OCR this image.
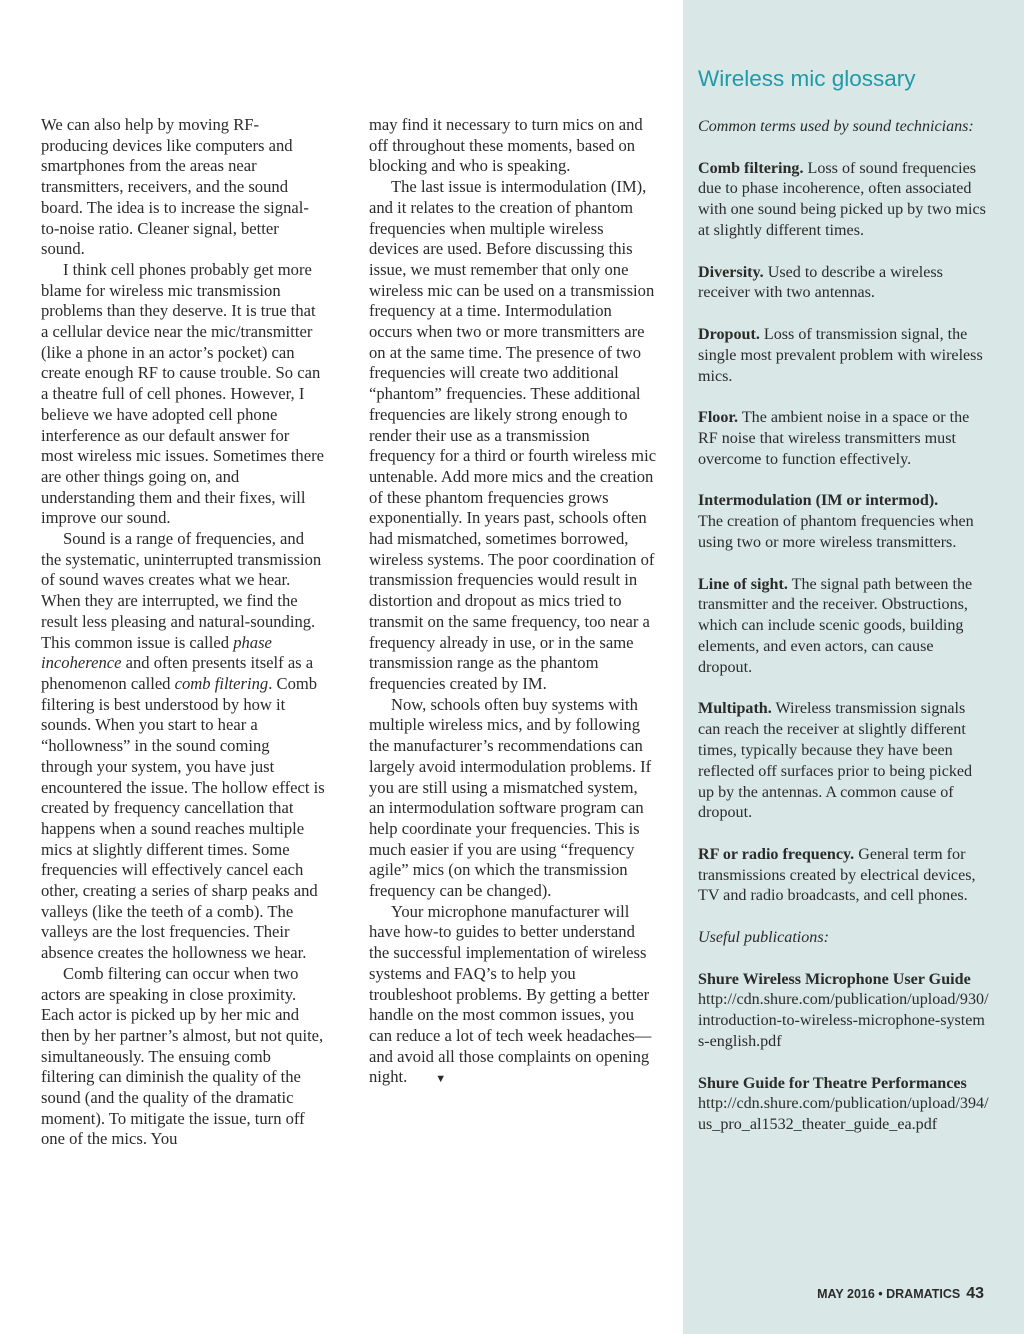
We can also help by moving RF-producing devices like computers and smartphones from the areas near transmitters, receivers, and the sound board. The idea is to increase the signal-to-noise ratio. Cleaner signal, better sound.

I think cell phones probably get more blame for wireless mic transmission problems than they deserve. It is true that a cellular device near the mic/transmitter (like a phone in an actor’s pocket) can create enough RF to cause trouble. So can a theatre full of cell phones. However, I believe we have adopted cell phone interference as our default answer for most wireless mic issues. Sometimes there are other things going on, and understanding them and their fixes, will improve our sound.

Sound is a range of frequencies, and the systematic, uninterrupted transmission of sound waves creates what we hear. When they are interrupted, we find the result less pleasing and natural-sounding. This common issue is called phase incoherence and often presents itself as a phenomenon called comb filtering. Comb filtering is best understood by how it sounds. When you start to hear a “hollowness” in the sound coming through your system, you have just encountered the issue. The hollow effect is created by frequency cancellation that happens when a sound reaches multiple mics at slightly different times. Some frequencies will effectively cancel each other, creating a series of sharp peaks and valleys (like the teeth of a comb). The valleys are the lost frequencies. Their absence creates the hollowness we hear.

Comb filtering can occur when two actors are speaking in close proximity. Each actor is picked up by her mic and then by her partner’s almost, but not quite, simultaneously. The ensuing comb filtering can diminish the quality of the sound (and the quality of the dramatic moment). To mitigate the issue, turn off one of the mics. You

may find it necessary to turn mics on and off throughout these moments, based on blocking and who is speaking.

The last issue is intermodulation (IM), and it relates to the creation of phantom frequencies when multiple wireless devices are used. Before discussing this issue, we must remember that only one wireless mic can be used on a transmission frequency at a time. Intermodulation occurs when two or more transmitters are on at the same time. The presence of two frequencies will create two additional “phantom” frequencies. These additional frequencies are likely strong enough to render their use as a transmission frequency for a third or fourth wireless mic untenable. Add more mics and the creation of these phantom frequencies grows exponentially. In years past, schools often had mismatched, sometimes borrowed, wireless systems. The poor coordination of transmission frequencies would result in distortion and dropout as mics tried to transmit on the same frequency, too near a frequency already in use, or in the same transmission range as the phantom frequencies created by IM.

Now, schools often buy systems with multiple wireless mics, and by following the manufacturer’s recommendations can largely avoid intermodulation problems. If you are still using a mismatched system, an intermodulation software program can help coordinate your frequencies. This is much easier if you are using “frequency agile” mics (on which the transmission frequency can be changed).

Your microphone manufacturer will have how-to guides to better understand the successful implementation of wireless systems and FAQ’s to help you troubleshoot problems. By getting a better handle on the most common issues, you can reduce a lot of tech week headaches—and avoid all those complaints on opening night.	▼

Wireless mic glossary
Common terms used by sound technicians:
Comb filtering. Loss of sound frequencies due to phase incoherence, often associated with one sound being picked up by two mics at slightly different times.
Diversity. Used to describe a wireless receiver with two antennas.
Dropout. Loss of transmission signal, the single most prevalent problem with wireless mics.
Floor. The ambient noise in a space or the RF noise that wireless transmitters must overcome to function effectively.
Intermodulation (IM or intermod).
The creation of phantom frequencies when using two or more wireless transmitters.
Line of sight. The signal path between the transmitter and the receiver. Obstructions, which can include scenic goods, building elements, and even actors, can cause dropout.
Multipath. Wireless transmission signals can reach the receiver at slightly different times, typically because they have been reflected off surfaces prior to being picked up by the antennas. A common cause of dropout.
RF or radio frequency. General term for transmissions created by electrical devices, TV and radio broadcasts, and cell phones.
Useful publications:
Shure Wireless Microphone User Guide
http://cdn.shure.com/publication/upload/930/introduction-to-wireless-microphone-systems-english.pdf
Shure Guide for Theatre Performances
http://cdn.shure.com/publication/upload/394/us_pro_al1532_theater_guide_ea.pdf
MAY 2016 • DRAMATICS 43
